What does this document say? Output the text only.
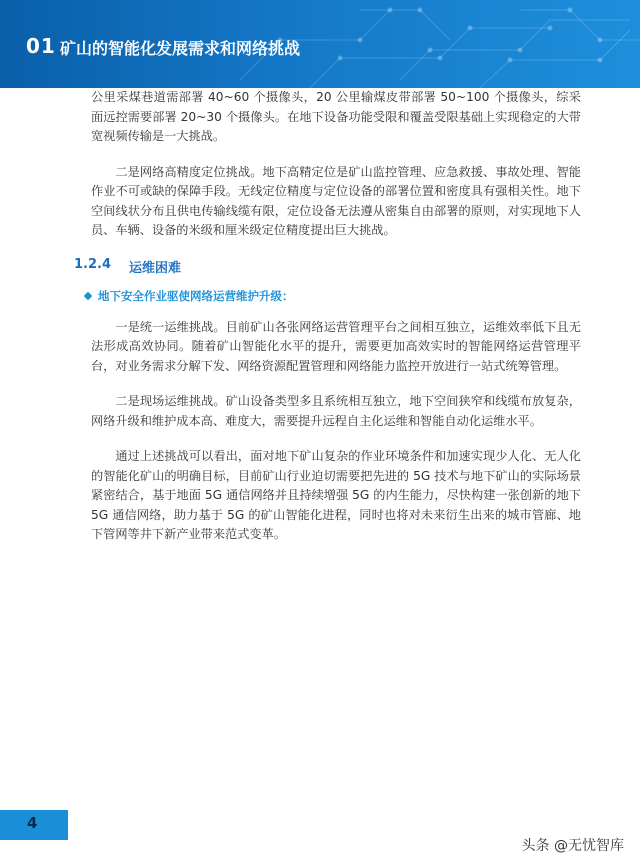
01 矿山的智能化发展需求和网络挑战

公里采煤巷道需部署 40~60 个摄像头，20 公里输煤皮带部署 50~100 个摄像头，综采面远控需要部署 20~30 个摄像头。在地下设备功能受限和覆盖受限基础上实现稳定的大带宽视频传输是一大挑战。

二是网络高精度定位挑战。地下高精定位是矿山监控管理、应急救援、事故处理、智能作业不可或缺的保障手段。无线定位精度与定位设备的部署位置和密度具有强相关性。地下空间线状分布且供电传输线缆有限，定位设备无法遵从密集自由部署的原则，对实现地下人员、车辆、设备的米级和厘米级定位精度提出巨大挑战。

1.2.4 运维困难
地下安全作业驱使网络运营维护升级：

一是统一运维挑战。目前矿山各张网络运营管理平台之间相互独立，运维效率低下且无法形成高效协同。随着矿山智能化水平的提升，需要更加高效实时的智能网络运营管理平台，对业务需求分解下发、网络资源配置管理和网络能力监控开放进行一站式统筹管理。

二是现场运维挑战。矿山设备类型多且系统相互独立，地下空间狭窄和线缆布放复杂，网络升级和维护成本高、难度大，需要提升远程自主化运维和智能自动化运维水平。

通过上述挑战可以看出，面对地下矿山复杂的作业环境条件和加速实现少人化、无人化的智能化矿山的明确目标，目前矿山行业迫切需要把先进的 5G 技术与地下矿山的实际场景紧密结合，基于地面 5G 通信网络并且持续增强 5G 的内生能力，尽快构建一张创新的地下 5G 通信网络，助力基于 5G 的矿山智能化进程，同时也将对未来衍生出来的城市管廊、地下管网等井下新产业带来范式变革。

4
头条 @无忧智库
